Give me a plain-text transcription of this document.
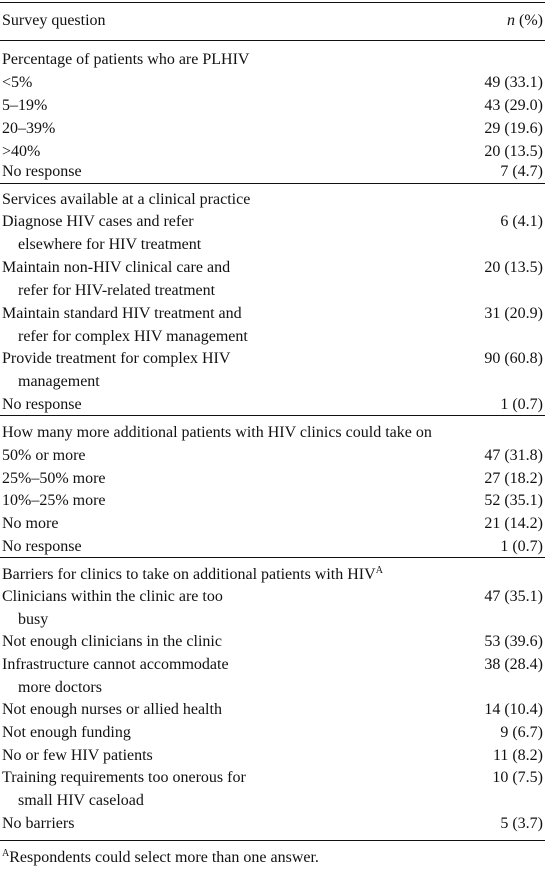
Survey question	n (%)
Percentage of patients who are PLHIV
<5%	49 (33.1)
5–19%	43 (29.0)
20–39%	29 (19.6)
>40%	20 (13.5)
No response	7 (4.7)
Services available at a clinical practice
Diagnose HIV cases and refer	6 (4.1)
elsewhere for HIV treatment
Maintain non-HIV clinical care and	20 (13.5)
refer for HIV-related treatment
Maintain standard HIV treatment and	31 (20.9)
refer for complex HIV management
Provide treatment for complex HIV	90 (60.8)
management
No response	1 (0.7)
How many more additional patients with HIV clinics could take on
50% or more	47 (31.8)
25%–50% more	27 (18.2)
10%–25% more	52 (35.1)
No more	21 (14.2)
No response	1 (0.7)
Barriers for clinics to take on additional patients with $HIV^A$
Clinicians within the clinic are too	47 (35.1)
busy
Not enough clinicians in the clinic	53 (39.6)
Infrastructure cannot accommodate	38 (28.4)
more doctors
Not enough nurses or allied health	14 (10.4)
Not enough funding	9 (6.7)
No or few HIV patients	11 (8.2)
Training requirements too onerous for	10 (7.5)
small HIV caseload
No barriers	5 (3.7)
$^A$Respondents could select more than one answer.
